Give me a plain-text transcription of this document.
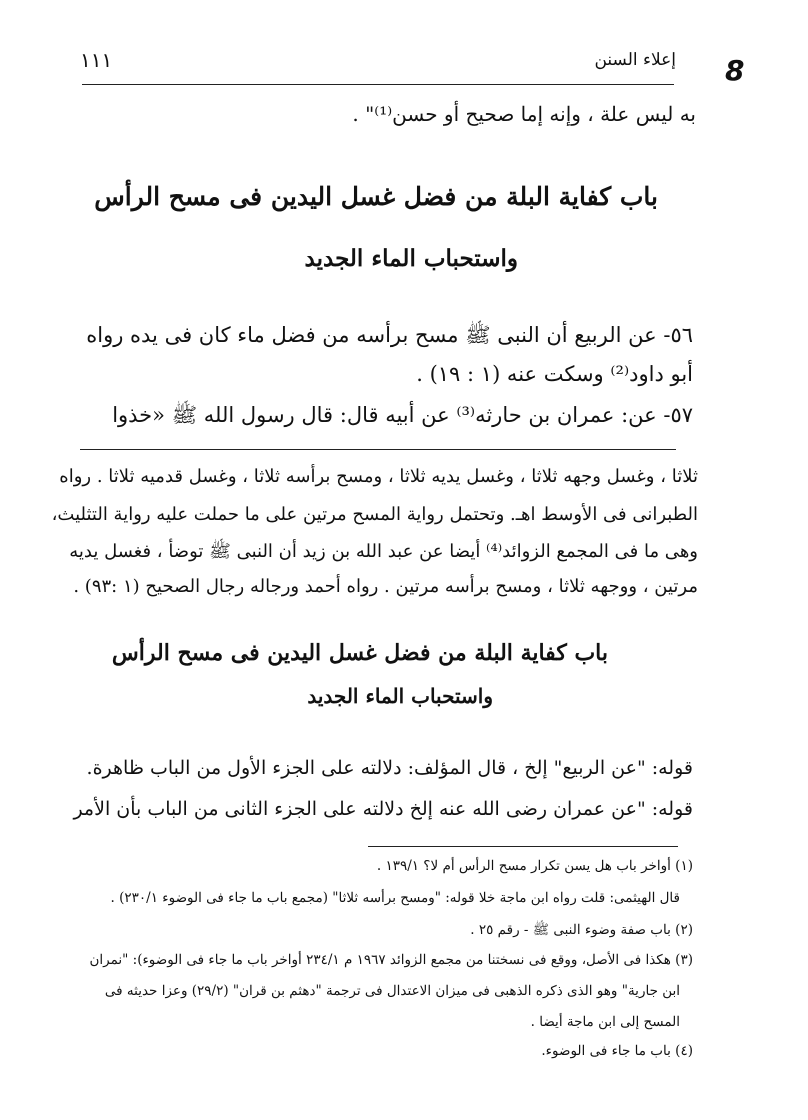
إعلاء السنن
١١١	8
به ليس علة ، وإنه إما صحيح أو حسن⁽¹⁾" .
باب كفاية البلة من فضل غسل اليدين فى مسح الرأس
واستحباب الماء الجديد
٥٦- عن الربيع أن النبى ﷺ مسح برأسه من فضل ماء كان فى يده رواه
أبو داود⁽²⁾ وسكت عنه (١ : ١٩) .
٥٧- عن: عمران بن حارثه⁽³⁾ عن أبيه قال: قال رسول الله ﷺ «خذوا
ثلاثا ، وغسل وجهه ثلاثا ، وغسل يديه ثلاثا ، ومسح برأسه ثلاثا ، وغسل قدميه ثلاثا . رواه
الطبرانى فى الأوسط اهـ. وتحتمل رواية المسح مرتين على ما حملت عليه رواية التثليث،
وهى ما فى المجمع الزوائد⁽⁴⁾ أيضا عن عبد الله بن زيد أن النبى ﷺ توضأ ، فغسل يديه
مرتين ، ووجهه ثلاثا ، ومسح برأسه مرتين . رواه أحمد ورجاله رجال الصحيح (١ :٩٣) .
باب كفاية البلة من فضل غسل اليدين فى مسح الرأس
واستحباب الماء الجديد
قوله: "عن الربيع" إلخ ، قال المؤلف: دلالته على الجزء الأول من الباب ظاهرة.
قوله: "عن عمران رضى الله عنه إلخ دلالته على الجزء الثانى من الباب بأن الأمر
(١) أواخر باب هل يسن تكرار مسح الرأس أم لا؟ ١٣٩/١ .
قال الهيثمى: قلت رواه ابن ماجة خلا قوله: "ومسح برأسه ثلاثا" (مجمع باب ما جاء فى الوضوء ٢٣٠/١) .
(٢) باب صفة وضوء النبى ﷺ - رقم ٢٥ .
(٣) هكذا فى الأصل، ووقع فى نسختنا من مجمع الزوائد ١٩٦٧ م ٢٣٤/١ أواخر باب ما جاء فى الوضوء): "نمران
ابن جارية" وهو الذى ذكره الذهبى فى ميزان الاعتدال فى ترجمة "دهثم بن قران" (٢٩/٢) وعزا حديثه فى
المسح إلى ابن ماجة أيضا .
(٤) باب ما جاء فى الوضوء.
